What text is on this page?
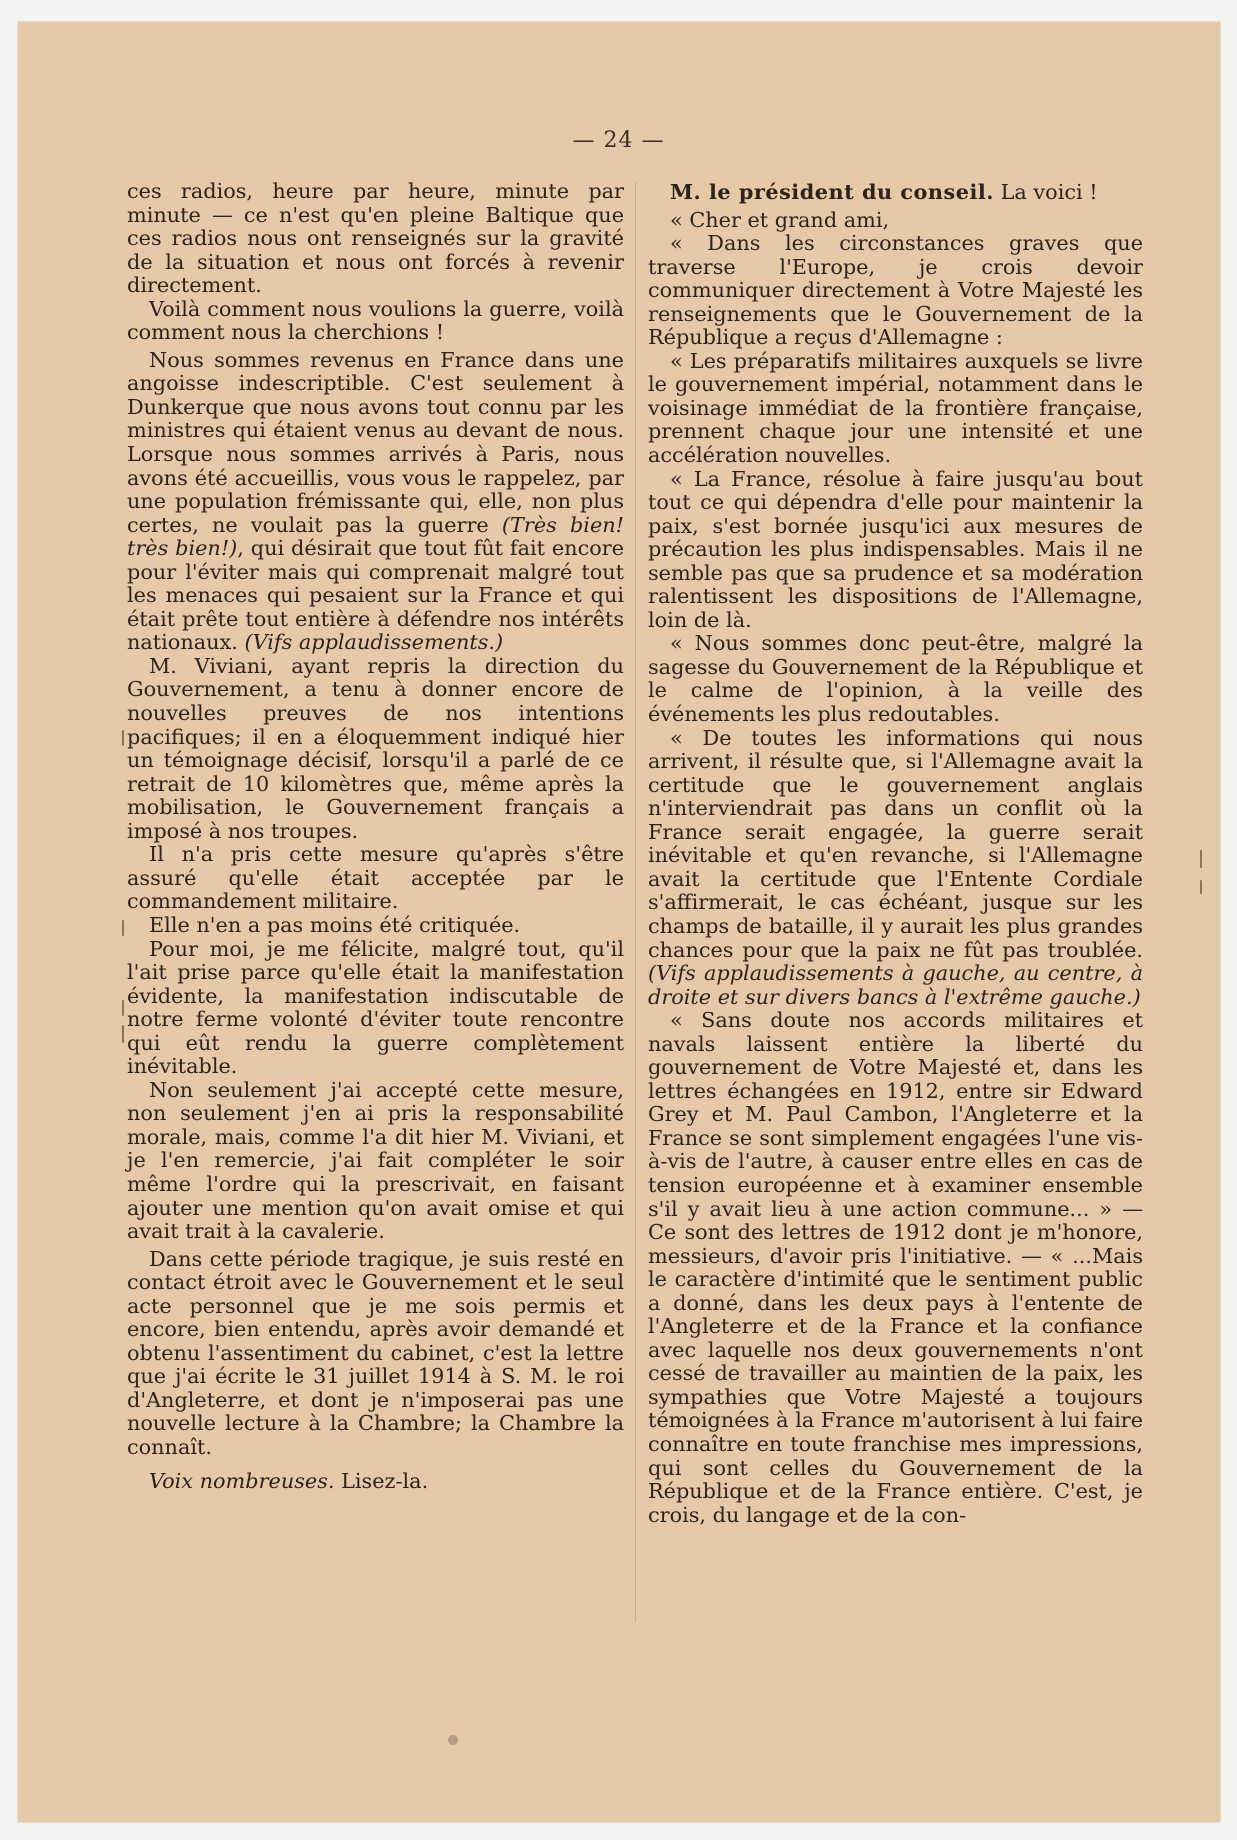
— 24 —

ces radios, heure par heure, minute par minute — ce n'est qu'en pleine Baltique que ces radios nous ont renseignés sur la gravité de la situation et nous ont forcés à revenir directement.

Voilà comment nous voulions la guerre, voilà comment nous la cherchions !

Nous sommes revenus en France dans une angoisse indescriptible. C'est seulement à Dunkerque que nous avons tout connu par les ministres qui étaient venus au devant de nous. Lorsque nous sommes arrivés à Paris, nous avons été accueillis, vous vous le rappelez, par une population frémissante qui, elle, non plus certes, ne voulait pas la guerre (Très bien! très bien!), qui désirait que tout fût fait encore pour l'éviter mais qui comprenait malgré tout les menaces qui pesaient sur la France et qui était prête tout entière à défendre nos intérêts nationaux. (Vifs applaudissements.)

M. Viviani, ayant repris la direction du Gouvernement, a tenu à donner encore de nouvelles preuves de nos intentions pacifiques; il en a éloquemment indiqué hier un témoignage décisif, lorsqu'il a parlé de ce retrait de 10 kilomètres que, même après la mobilisation, le Gouvernement français a imposé à nos troupes.

Il n'a pris cette mesure qu'après s'être assuré qu'elle était acceptée par le commandement militaire.

Elle n'en a pas moins été critiquée.

Pour moi, je me félicite, malgré tout, qu'il l'ait prise parce qu'elle était la manifestation évidente, la manifestation indiscutable de notre ferme volonté d'éviter toute rencontre qui eût rendu la guerre complètement inévitable.

Non seulement j'ai accepté cette mesure, non seulement j'en ai pris la responsabilité morale, mais, comme l'a dit hier M. Viviani, et je l'en remercie, j'ai fait compléter le soir même l'ordre qui la prescrivait, en faisant ajouter une mention qu'on avait omise et qui avait trait à la cavalerie.

Dans cette période tragique, je suis resté en contact étroit avec le Gouvernement et le seul acte personnel que je me sois permis et encore, bien entendu, après avoir demandé et obtenu l'assentiment du cabinet, c'est la lettre que j'ai écrite le 31 juillet 1914 à S. M. le roi d'Angleterre, et dont je n'imposerai pas une nouvelle lecture à la Chambre; la Chambre la connaît.

Voix nombreuses. Lisez-la.

M. le président du conseil. La voici !

« Cher et grand ami,

« Dans les circonstances graves que traverse l'Europe, je crois devoir communiquer directement à Votre Majesté les renseignements que le Gouvernement de la République a reçus d'Allemagne :

« Les préparatifs militaires auxquels se livre le gouvernement impérial, notamment dans le voisinage immédiat de la frontière française, prennent chaque jour une intensité et une accélération nouvelles.

« La France, résolue à faire jusqu'au bout tout ce qui dépendra d'elle pour maintenir la paix, s'est bornée jusqu'ici aux mesures de précaution les plus indispensables. Mais il ne semble pas que sa prudence et sa modération ralentissent les dispositions de l'Allemagne, loin de là.

« Nous sommes donc peut-être, malgré la sagesse du Gouvernement de la République et le calme de l'opinion, à la veille des événements les plus redoutables.

« De toutes les informations qui nous arrivent, il résulte que, si l'Allemagne avait la certitude que le gouvernement anglais n'interviendrait pas dans un conflit où la France serait engagée, la guerre serait inévitable et qu'en revanche, si l'Allemagne avait la certitude que l'Entente Cordiale s'affirmerait, le cas échéant, jusque sur les champs de bataille, il y aurait les plus grandes chances pour que la paix ne fût pas troublée. (Vifs applaudissements à gauche, au centre, à droite et sur divers bancs à l'extrême gauche.)

« Sans doute nos accords militaires et navals laissent entière la liberté du gouvernement de Votre Majesté et, dans les lettres échangées en 1912, entre sir Edward Grey et M. Paul Cambon, l'Angleterre et la France se sont simplement engagées l'une vis-à-vis de l'autre, à causer entre elles en cas de tension européenne et à examiner ensemble s'il y avait lieu à une action commune... » — Ce sont des lettres de 1912 dont je m'honore, messieurs, d'avoir pris l'initiative. — « ...Mais le caractère d'intimité que le sentiment public a donné, dans les deux pays à l'entente de l'Angleterre et de la France et la confiance avec laquelle nos deux gouvernements n'ont cessé de travailler au maintien de la paix, les sympathies que Votre Majesté a toujours témoignées à la France m'autorisent à lui faire connaître en toute franchise mes impressions, qui sont celles du Gouvernement de la République et de la France entière. C'est, je crois, du langage et de la con-
